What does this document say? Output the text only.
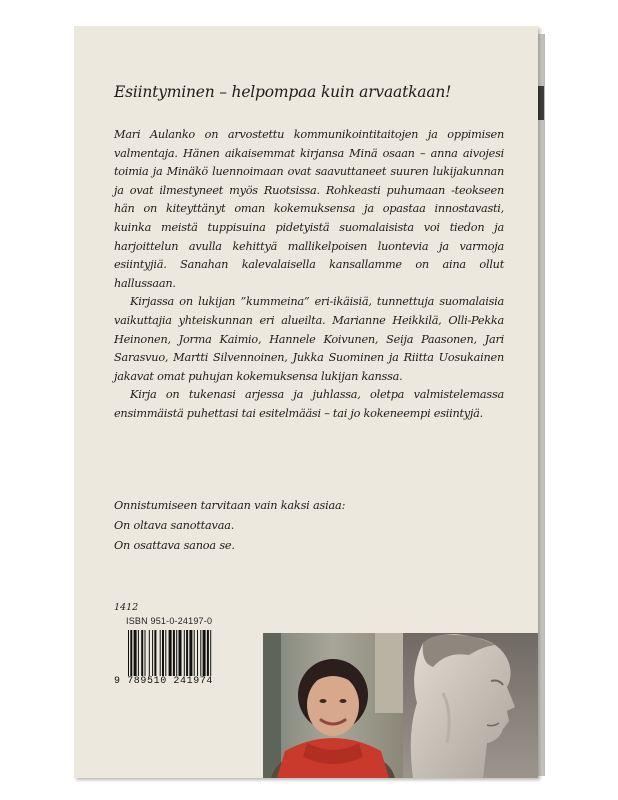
Esiintyminen – helpompaa kuin arvaatkaan!

Mari Aulanko on arvostettu kommunikointitaitojen ja oppimisen valmentaja. Hänen aikaisemmat kirjansa Minä osaan – anna aivojesi toimia ja Minäkö luennoimaan ovat saavuttaneet suuren lukijakunnan ja ovat ilmestyneet myös Ruotsissa. Rohkeasti puhumaan -teokseen hän on kiteyttänyt oman kokemuksensa ja opastaa innostavasti, kuinka meistä tuppisuina pidetyistä suomalaisista voi tiedon ja harjoittelun avulla kehittyä mallikelpoisen luontevia ja varmoja esiintyjiä. Sanahan kalevalaisella kansallamme on aina ollut hallussaan.

Kirjassa on lukijan ”kummeina” eri-ikäisiä, tunnettuja suomalaisia vaikuttajia yhteiskunnan eri alueilta. Marianne Heikkilä, Olli-Pekka Heinonen, Jorma Kaimio, Hannele Koivunen, Seija Paasonen, Jari Sarasvuo, Martti Silvennoinen, Jukka Suominen ja Riitta Uosukainen jakavat omat puhujan kokemuksensa lukijan kanssa.

Kirja on tukenasi arjessa ja juhlassa, oletpa valmistelemassa ensimmäistä puhettasi tai esitelmääsi – tai jo kokeneempi esiintyjä.

Onnistumiseen tarvitaan vain kaksi asiaa:
On oltava sanottavaa.
On osattava sanoa se.
1412
ISBN 951-0-24197-0
9 789510 241974
